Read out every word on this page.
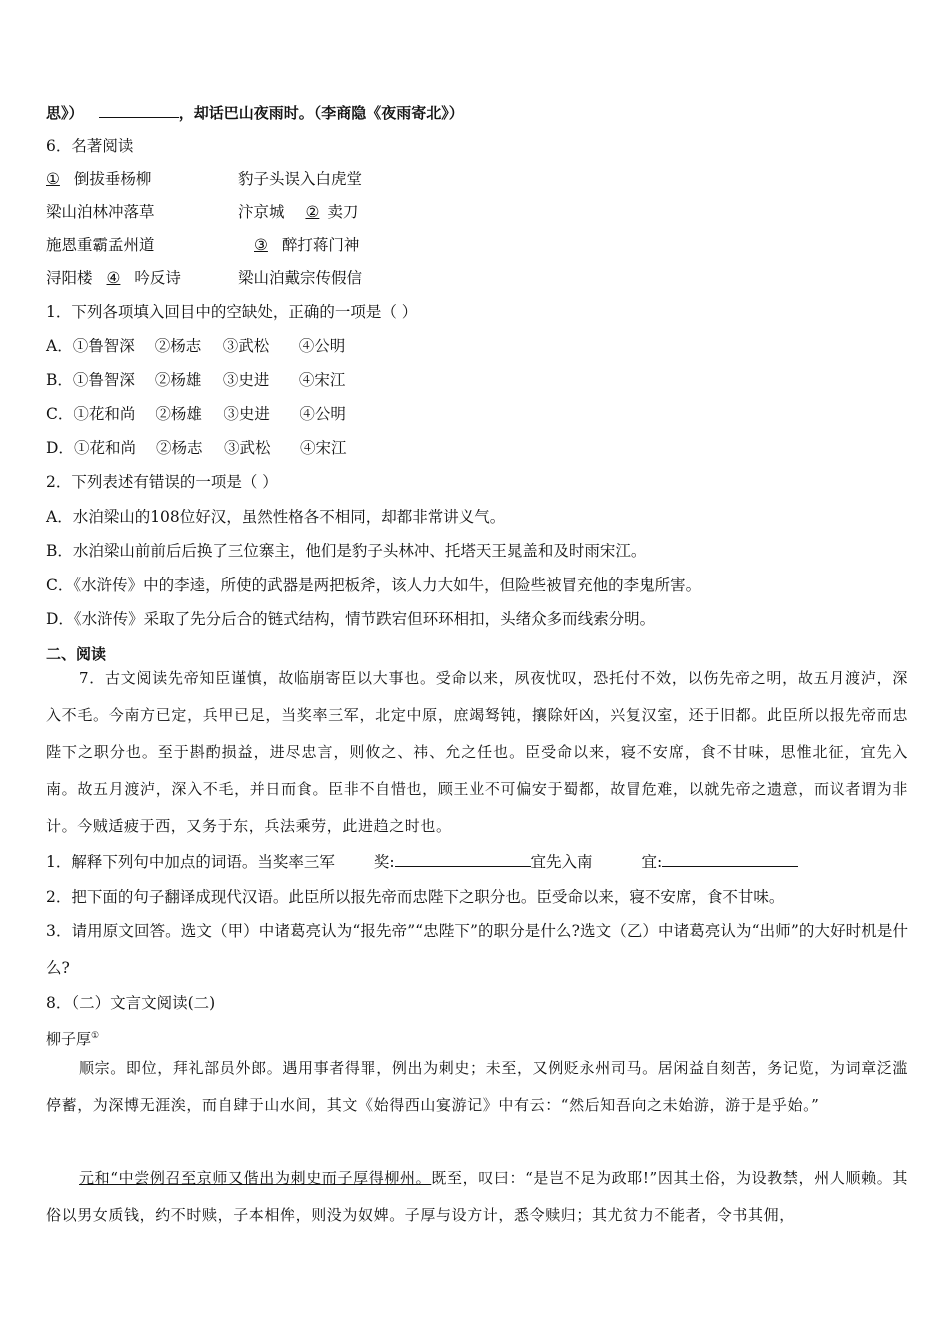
思》）	，却话巴山夜雨时。（李商隐《夜雨寄北》）
6．名著阅读
① 倒拔垂杨柳	豹子头误入白虎堂
梁山泊林冲落草	汴京城 ② 卖刀
施恩重霸孟州道	③ 醉打蒋门神
浔阳楼 ④ 吟反诗	梁山泊戴宗传假信
1．下列各项填入回目中的空缺处，正确的一项是（ ）
A．①鲁智深 ②杨志 ③武松 ④公明
B．①鲁智深 ②杨雄 ③史进 ④宋江
C．①花和尚 ②杨雄 ③史进 ④公明
D．①花和尚 ②杨志 ③武松 ④宋江
2．下列表述有错误的一项是（ ）
A．水泊梁山的108位好汉，虽然性格各不相同，却都非常讲义气。
B．水泊梁山前前后后换了三位寨主，他们是豹子头林冲、托塔天王晁盖和及时雨宋江。
C．《水浒传》中的李逵，所使的武器是两把板斧，该人力大如牛，但险些被冒充他的李鬼所害。
D．《水浒传》采取了先分后合的链式结构，情节跌宕但环环相扣，头绪众多而线索分明。
二、阅读
7．古文阅读先帝知臣谨慎，故临崩寄臣以大事也。受命以来，夙夜忧叹，恐托付不效，以伤先帝之明，故五月渡泸，深入不毛。今南方已定，兵甲已足，当奖率三军，北定中原，庶竭驽钝，攘除奸凶，兴复汉室，还于旧都。此臣所以报先帝而忠陛下之职分也。至于斟酌损益，进尽忠言，则攸之、祎、允之任也。臣受命以来，寝不安席，食不甘味，思惟北征，宜先入南。故五月渡泸，深入不毛，并日而食。臣非不自惜也，顾王业不可偏安于蜀都，故冒危难，以就先帝之遗意，而议者谓为非计。今贼适疲于西，又务于东，兵法乘劳，此进趋之时也。
1．解释下列句中加点的词语。当奖率三军	奖:	宜先入南	宜:
2．把下面的句子翻译成现代汉语。此臣所以报先帝而忠陛下之职分也。臣受命以来，寝不安席，食不甘味。
3．请用原文回答。选文（甲）中诸葛亮认为“报先帝”“忠陛下”的职分是什么?选文（乙）中诸葛亮认为“出师”的大好时机是什么?
8．（二）文言文阅读(二)
柳子厚①
顺宗。即位，拜礼部员外郎。遇用事者得罪，例出为刺史；未至，又例贬永州司马。居闲益自刻苦，务记览，为词章泛滥停蓄，为深博无涯涘，而自肆于山水间，其文《始得西山宴游记》中有云：“然后知吾向之未始游，游于是乎始。”
元和“中尝例召至京师又偕出为刺史而子厚得柳州。既至，叹曰：“是岂不足为政耶!”因其土俗，为设教禁，州人顺赖。其俗以男女质钱，约不时赎，子本相侔，则没为奴婢。子厚与设方计，悉令赎归；其尤贫力不能者，令书其佣，
